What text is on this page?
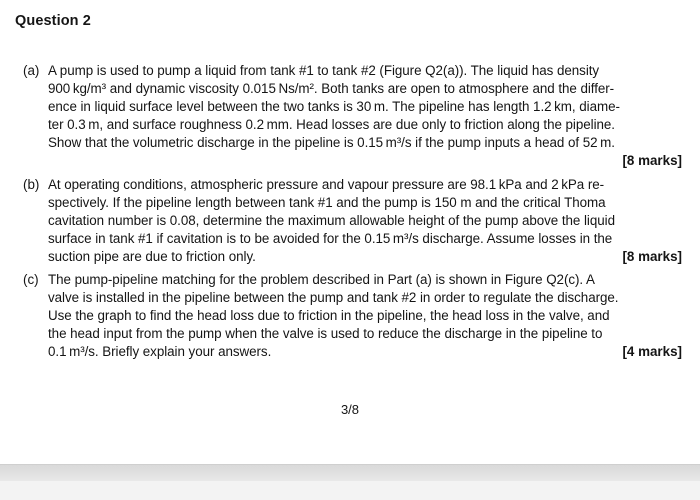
Question 2
(a) A pump is used to pump a liquid from tank #1 to tank #2 (Figure Q2(a)). The liquid has density
900 kg/m³ and dynamic viscosity 0.015 Ns/m². Both tanks are open to atmosphere and the differ-
ence in liquid surface level between the two tanks is 30 m. The pipeline has length 1.2 km, diame-
ter 0.3 m, and surface roughness 0.2 mm. Head losses are due only to friction along the pipeline.
Show that the volumetric discharge in the pipeline is 0.15 m³/s if the pump inputs a head of 52 m.
[8 marks]
(b) At operating conditions, atmospheric pressure and vapour pressure are 98.1 kPa and 2 kPa re-
spectively. If the pipeline length between tank #1 and the pump is 150 m and the critical Thoma
cavitation number is 0.08, determine the maximum allowable height of the pump above the liquid
surface in tank #1 if cavitation is to be avoided for the 0.15 m³/s discharge. Assume losses in the
suction pipe are due to friction only.	[8 marks]
(c) The pump-pipeline matching for the problem described in Part (a) is shown in Figure Q2(c). A
valve is installed in the pipeline between the pump and tank #2 in order to regulate the discharge.
Use the graph to find the head loss due to friction in the pipeline, the head loss in the valve, and
the head input from the pump when the valve is used to reduce the discharge in the pipeline to
0.1 m³/s. Briefly explain your answers.	[4 marks]
3/8
